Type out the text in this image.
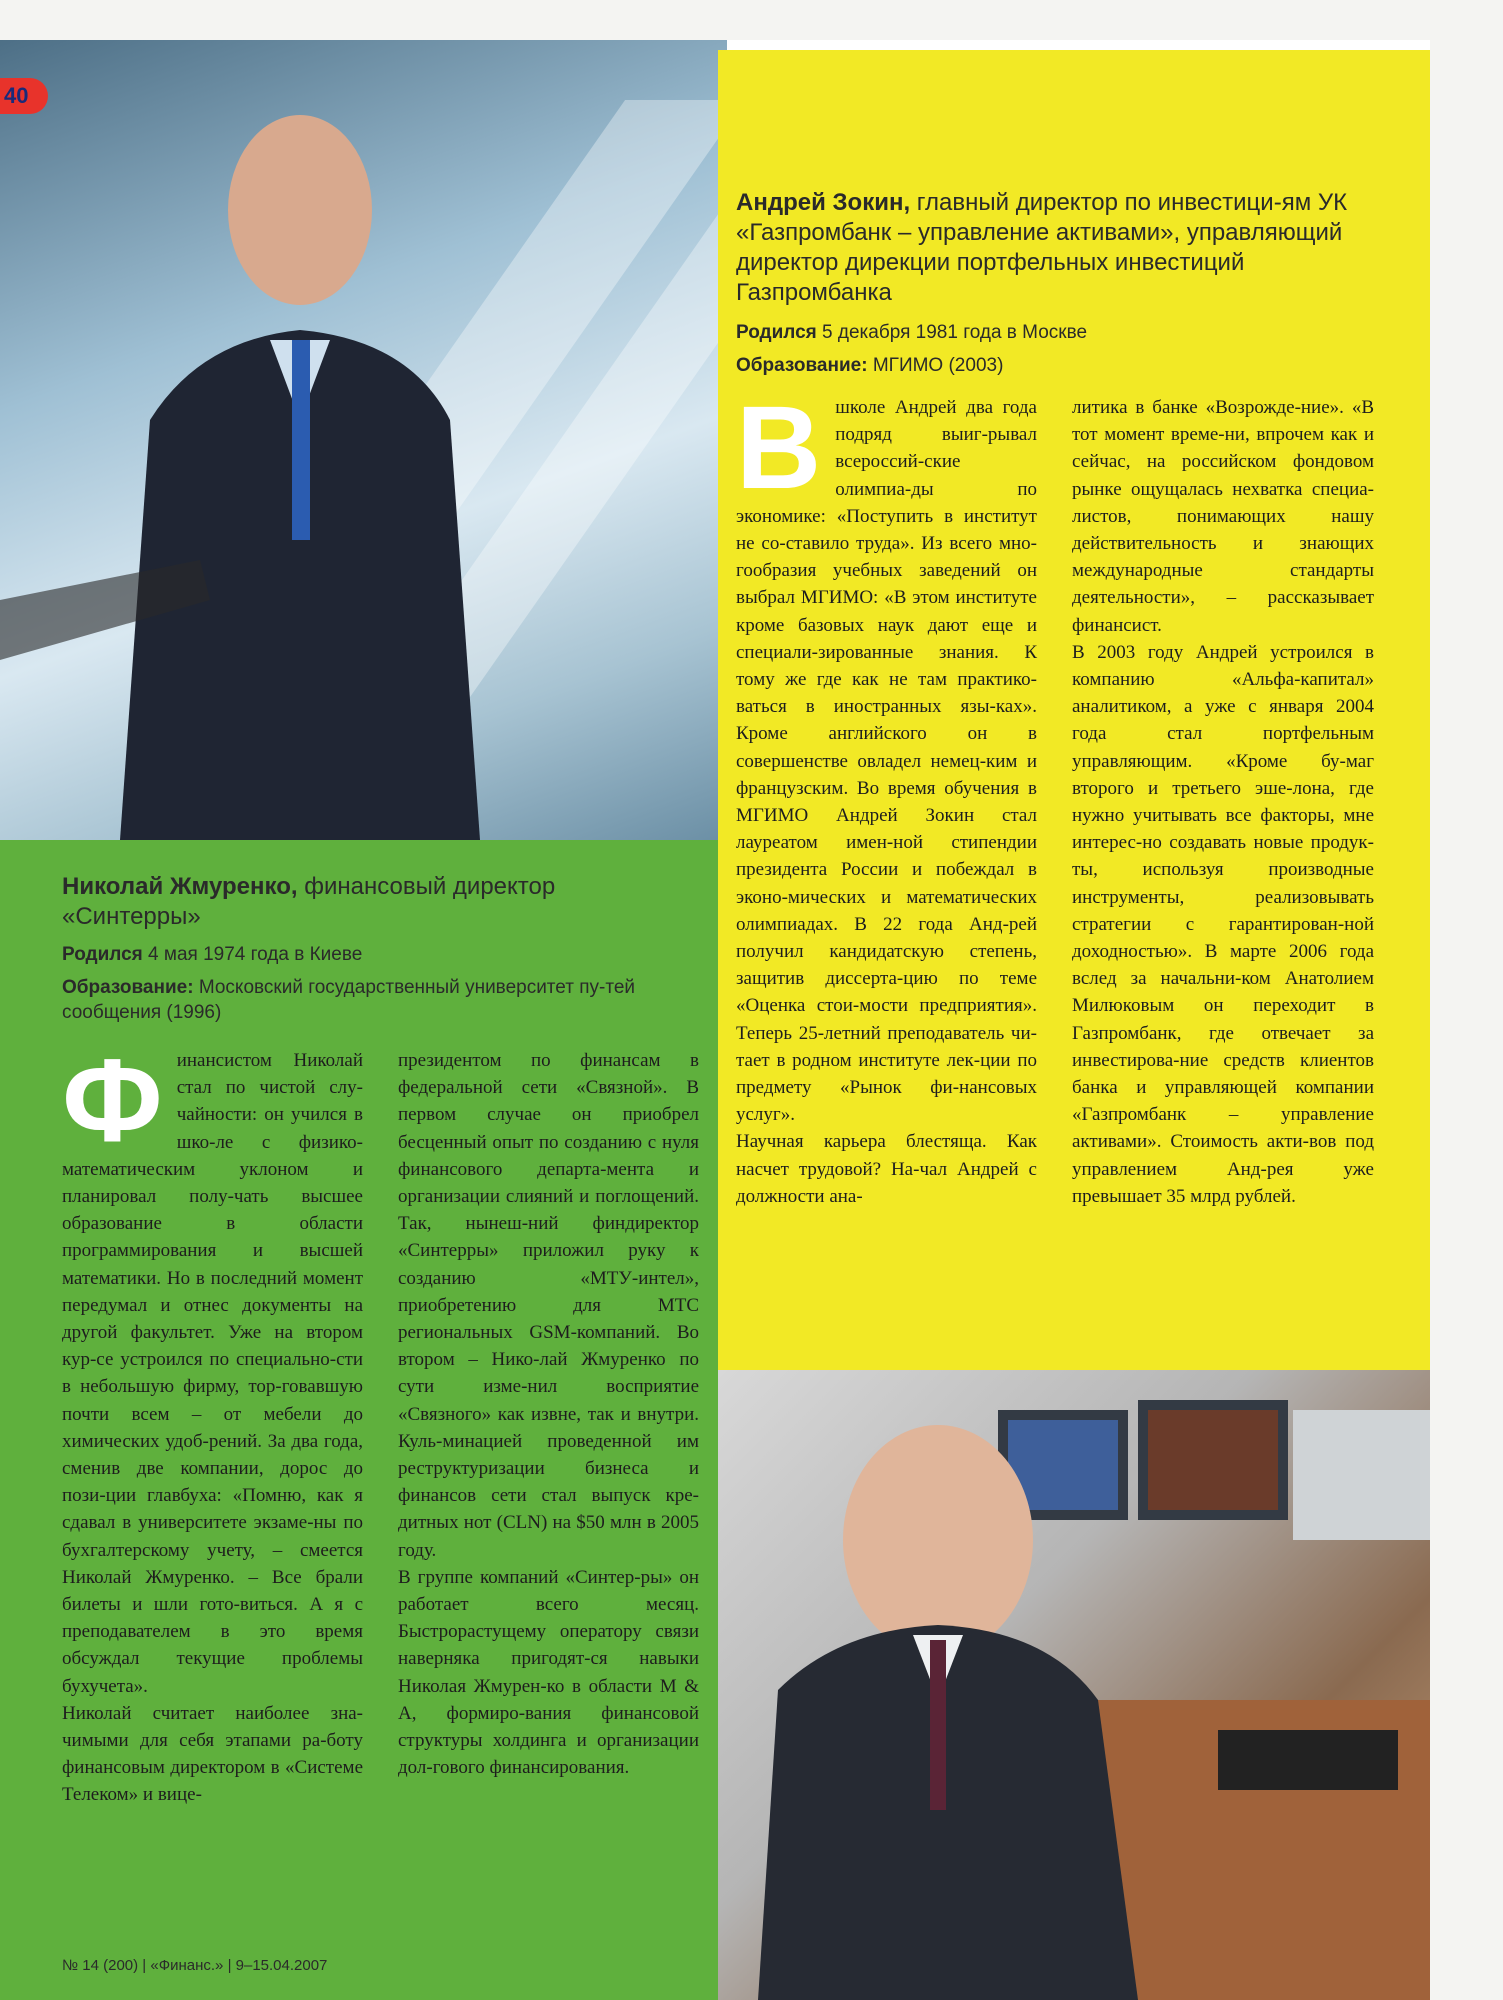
40
Андрей Зокин, главный директор по инвестици-ям УК «Газпромбанк – управление активами», управляющий директор дирекции портфельных инвестиций Газпромбанка
Родился 5 декабря 1981 года в Москве
Образование: МГИМО (2003)
В школе Андрей два года подряд выиг-рывал всероссий-ские олимпиа-ды по экономике: «Поступить в институт не со-ставило труда». Из всего мно-гообразия учебных заведений он выбрал МГИМО: «В этом институте кроме базовых наук дают еще и специали-зированные знания. К тому же где как не там практико-ваться в иностранных язы-ках». Кроме английского он в совершенстве овладел немец-ким и французским. Во время обучения в МГИМО Андрей Зокин стал лауреатом имен-ной стипендии президента России и побеждал в эконо-мических и математических олимпиадах. В 22 года Анд-рей получил кандидатскую степень, защитив диссерта-цию по теме «Оценка стои-мости предприятия». Теперь 25-летний преподаватель чи-тает в родном институте лек-ции по предмету «Рынок фи-нансовых услуг».

Научная карьера блестяща. Как насчет трудовой? На-чал Андрей с должности ана-

литика в банке «Возрожде-ние». «В тот момент време-ни, впрочем как и сейчас, на российском фондовом рынке ощущалась нехватка специа-листов, понимающих нашу действительность и знающих международные стандарты деятельности», – рассказывает финансист.

В 2003 году Андрей устроился в компанию «Альфа-капитал» аналитиком, а уже с января 2004 года стал портфельным управляющим. «Кроме бу-маг второго и третьего эше-лона, где нужно учитывать все факторы, мне интерес-но создавать новые продук-ты, используя производные инструменты, реализовывать стратегии с гарантирован-ной доходностью». В марте 2006 года вслед за начальни-ком Анатолием Милюковым он переходит в Газпромбанк, где отвечает за инвестирова-ние средств клиентов банка и управляющей компании «Газпромбанк – управление активами». Стоимость акти-вов под управлением Анд-рея уже превышает 35 млрд рублей.

Николай Жмуренко, финансовый директор
«Синтерры»
Родился 4 мая 1974 года в Киеве
Образование: Московский государственный университет пу-тей сообщения (1996)
Ф инансистом Николай стал по чистой слу-чайности: он учился в шко-ле с физико-математическим уклоном и планировал полу-чать высшее образование в области программирования и высшей математики. Но в последний момент передумал и отнес документы на другой факультет. Уже на втором кур-се устроился по специально-сти в небольшую фирму, тор-говавшую почти всем – от мебели до химических удоб-рений. За два года, сменив две компании, дорос до пози-ции главбуха: «Помню, как я сдавал в университете экзаме-ны по бухгалтерскому учету, – смеется Николай Жмуренко. – Все брали билеты и шли гото-виться. А я с преподавателем в это время обсуждал текущие проблемы бухучета».

Николай считает наиболее зна-чимыми для себя этапами ра-боту финансовым директором в «Системе Телеком» и вице-

президентом по финансам в федеральной сети «Связной». В первом случае он приобрел бесценный опыт по созданию с нуля финансового департа-мента и организации слияний и поглощений. Так, нынеш-ний финдиректор «Синтерры» приложил руку к созданию «МТУ-интел», приобретению для МТС региональных GSM-компаний. Во втором – Нико-лай Жмуренко по сути изме-нил восприятие «Связного» как извне, так и внутри. Куль-минацией проведенной им реструктуризации бизнеса и финансов сети стал выпуск кре-дитных нот (CLN) на $50 млн в 2005 году.

В группе компаний «Синтер-ры» он работает всего месяц. Быстрорастущему оператору связи наверняка пригодят-ся навыки Николая Жмурен-ко в области M & A, формиро-вания финансовой структуры холдинга и организации дол-гового финансирования.

№ 14 (200) | «Финанс.» | 9–15.04.2007
